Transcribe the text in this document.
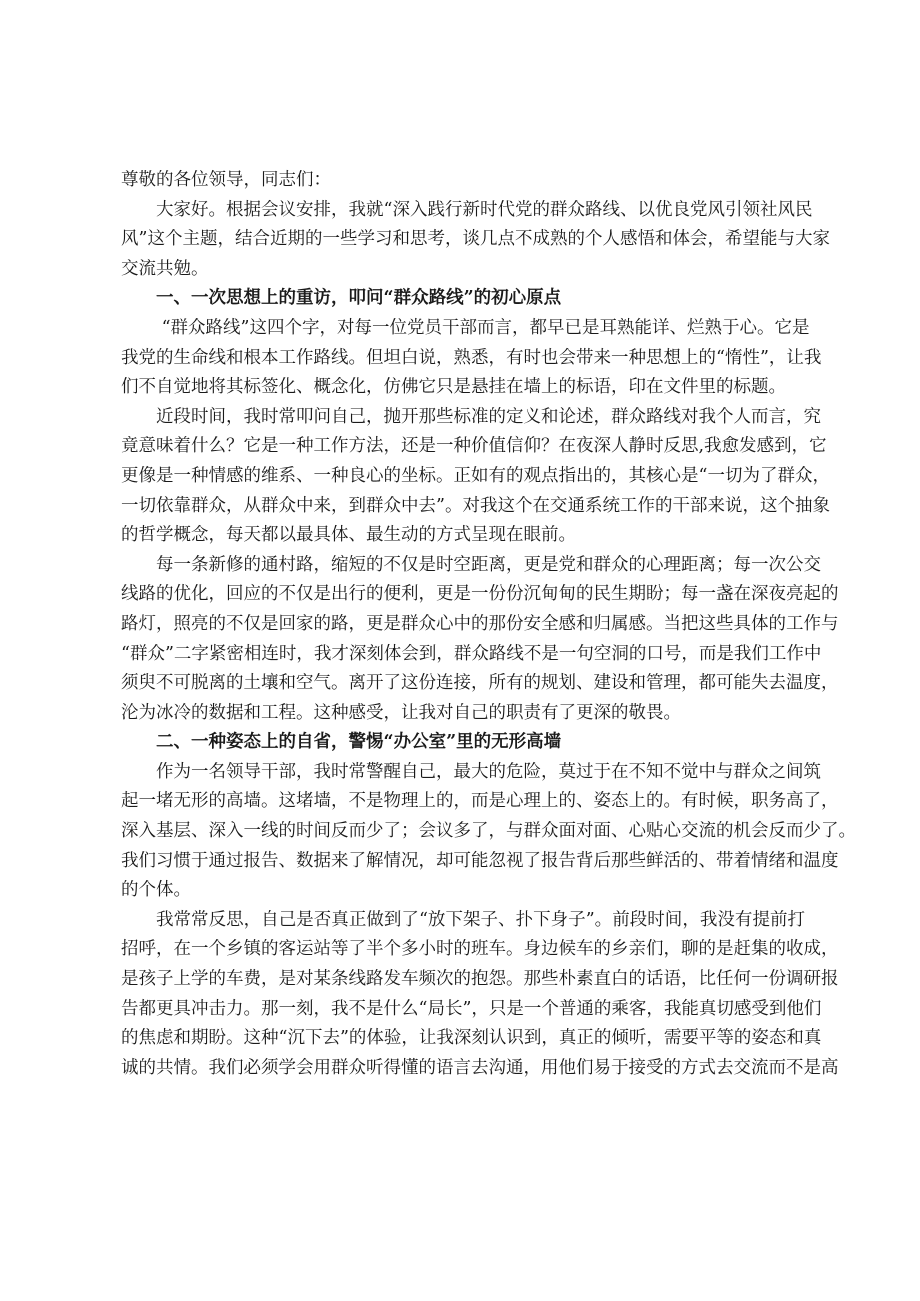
尊敬的各位领导，同志们：
大家好。根据会议安排，我就“深入践行新时代党的群众路线、以优良党风引领社风民
风”这个主题，结合近期的一些学习和思考，谈几点不成熟的个人感悟和体会，希望能与大家
交流共勉。
一、一次思想上的重访，叩问“群众路线”的初心原点
“群众路线”这四个字，对每一位党员干部而言，都早已是耳熟能详、烂熟于心。它是
我党的生命线和根本工作路线。但坦白说，熟悉，有时也会带来一种思想上的“惰性”，让我
们不自觉地将其标签化、概念化，仿佛它只是悬挂在墙上的标语，印在文件里的标题。
近段时间，我时常叩问自己，抛开那些标准的定义和论述，群众路线对我个人而言，究
竟意味着什么？它是一种工作方法，还是一种价值信仰？在夜深人静时反思,我愈发感到，它
更像是一种情感的维系、一种良心的坐标。正如有的观点指出的，其核心是“一切为了群众，
一切依靠群众，从群众中来，到群众中去”。对我这个在交通系统工作的干部来说，这个抽象
的哲学概念，每天都以最具体、最生动的方式呈现在眼前。
每一条新修的通村路，缩短的不仅是时空距离，更是党和群众的心理距离；每一次公交
线路的优化，回应的不仅是出行的便利，更是一份份沉甸甸的民生期盼；每一盏在深夜亮起的
路灯，照亮的不仅是回家的路，更是群众心中的那份安全感和归属感。当把这些具体的工作与
“群众”二字紧密相连时，我才深刻体会到，群众路线不是一句空洞的口号，而是我们工作中
须臾不可脱离的土壤和空气。离开了这份连接，所有的规划、建设和管理，都可能失去温度，
沦为冰冷的数据和工程。这种感受，让我对自己的职责有了更深的敬畏。
二、一种姿态上的自省，警惕“办公室”里的无形高墙
作为一名领导干部，我时常警醒自己，最大的危险，莫过于在不知不觉中与群众之间筑
起一堵无形的高墙。这堵墙，不是物理上的，而是心理上的、姿态上的。有时候，职务高了，
深入基层、深入一线的时间反而少了；会议多了，与群众面对面、心贴心交流的机会反而少了。
我们习惯于通过报告、数据来了解情况，却可能忽视了报告背后那些鲜活的、带着情绪和温度
的个体。
我常常反思，自己是否真正做到了“放下架子、扑下身子”。前段时间，我没有提前打
招呼，在一个乡镇的客运站等了半个多小时的班车。身边候车的乡亲们，聊的是赶集的收成，
是孩子上学的车费，是对某条线路发车频次的抱怨。那些朴素直白的话语，比任何一份调研报
告都更具冲击力。那一刻，我不是什么“局长”，只是一个普通的乘客，我能真切感受到他们
的焦虑和期盼。这种“沉下去”的体验，让我深刻认识到，真正的倾听，需要平等的姿态和真
诚的共情。我们必须学会用群众听得懂的语言去沟通，用他们易于接受的方式去交流而不是高
